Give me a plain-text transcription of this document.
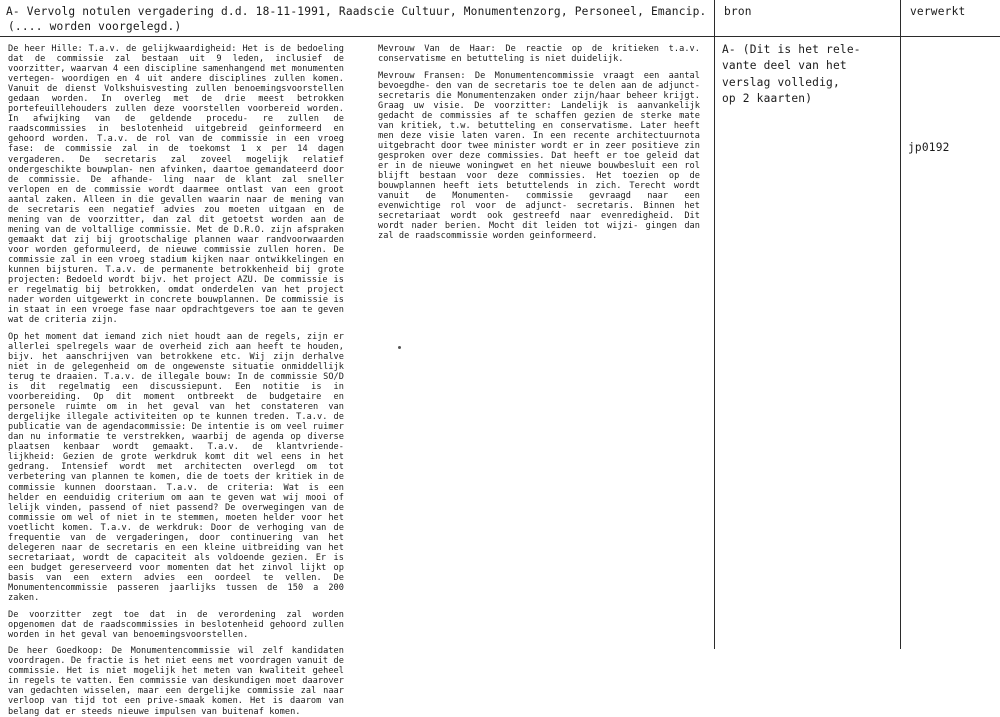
A- Vervolg notulen vergadering d.d. 18-11-1991, Raadscie Cultuur, Monumentenzorg, Personeel, Emancip.
(.... worden voorgelegd.)
bron	verwerkt

De heer Hille: T.a.v. de gelijkwaardigheid: Het is de bedoeling dat de commissie zal bestaan uit 9 leden, inclusief de voorzitter, waarvan 4 een discipline samenhangend met monumenten vertegen- woordigen en 4 uit andere disciplines zullen komen. Vanuit de dienst Volkshuisvesting zullen benoemingsvoorstellen gedaan worden. In overleg met de drie meest betrokken portefeuillehouders zullen deze voorstellen voorbereid worden. In afwijking van de geldende procedu- re zullen de raadscommissies in beslotenheid uitgebreid geinformeerd en gehoord worden. T.a.v. de rol van de commissie in een vroeg fase: de commissie zal in de toekomst 1 x per 14 dagen vergaderen. De secretaris zal zoveel mogelijk relatief ondergeschikte bouwplan- nen afvinken, daartoe gemandateerd door de commissie. De afhande- ling naar de klant zal sneller verlopen en de commissie wordt daarmee ontlast van een groot aantal zaken. Alleen in die gevallen waarin naar de mening van de secretaris een negatief advies zou moeten uitgaan en de mening van de voorzitter, dan zal dit getoetst worden aan de mening van de voltallige commissie. Met de D.R.O. zijn afspraken gemaakt dat zij bij grootschalige plannen waar randvoorwaarden voor worden geformuleerd, de nieuwe commissie zullen horen. De commissie zal in een vroeg stadium kijken naar ontwikkelingen en kunnen bijsturen. T.a.v. de permanente betrokkenheid bij grote projecten: Bedoeld wordt bijv. het project AZU. De commissie is er regelmatig bij betrokken, omdat onderdelen van het project nader worden uitgewerkt in concrete bouwplannen. De commissie is in staat in een vroege fase naar opdrachtgevers toe aan te geven wat de criteria zijn.

Op het moment dat iemand zich niet houdt aan de regels, zijn er allerlei spelregels waar de overheid zich aan heeft te houden, bijv. het aanschrijven van betrokkene etc. Wij zijn derhalve niet in de gelegenheid om de ongewenste situatie onmiddellijk terug te draaien. T.a.v. de illegale bouw: In de commissie SO/D is dit regelmatig een discussiepunt. Een notitie is in voorbereiding. Op dit moment ontbreekt de budgetaire en personele ruimte om in het geval van het constateren van dergelijke illegale activiteiten op te kunnen treden. T.a.v. de publicatie van de agendacommissie: De intentie is om veel ruimer dan nu informatie te verstrekken, waarbij de agenda op diverse plaatsen kenbaar wordt gemaakt. T.a.v. de klantvriende- lijkheid: Gezien de grote werkdruk komt dit wel eens in het gedrang. Intensief wordt met architecten overlegd om tot verbetering van plannen te komen, die de toets der kritiek in de commissie kunnen doorstaan. T.a.v. de criteria: Wat is een helder en eenduidig criterium om aan te geven wat wij mooi of lelijk vinden, passend of niet passend? De overwegingen van de commissie om wel of niet in te stemmen, moeten helder voor het voetlicht komen. T.a.v. de werkdruk: Door de verhoging van de frequentie van de vergaderingen, door continuering van het delegeren naar de secretaris en een kleine uitbreiding van het secretariaat, wordt de capaciteit als voldoende gezien. Er is een budget gereserveerd voor momenten dat het zinvol lijkt op basis van een extern advies een oordeel te vellen. De Monumentencommissie passeren jaarlijks tussen de 150 a 200 zaken.

De voorzitter zegt toe dat in de verordening zal worden opgenomen dat de raadscommissies in beslotenheid gehoord zullen worden in het geval van benoemingsvoorstellen.

De heer Goedkoop: De Monumentencommissie wil zelf kandidaten voordragen. De fractie is het niet eens met voordragen vanuit de commissie. Het is niet mogelijk het meten van kwaliteit geheel in regels te vatten. Een commissie van deskundigen moet daarover van gedachten wisselen, maar een dergelijke commissie zal naar verloop van tijd tot een prive-smaak komen. Het is daarom van belang dat er steeds nieuwe impulsen van buitenaf komen.

Mevrouw Van de Haar: De reactie op de kritieken t.a.v. conservatisme en betutteling is niet duidelijk.

Mevrouw Fransen: De Monumentencommissie vraagt een aantal bevoegdhe- den van de secretaris toe te delen aan de adjunct-secretaris die Monumentenzaken onder zijn/haar beheer krijgt. Graag uw visie. De voorzitter: Landelijk is aanvankelijk gedacht de commissies af te schaffen gezien de sterke mate van kritiek, t.w. betutteling en conservatisme. Later heeft men deze visie laten varen. In een recente architectuurnota uitgebracht door twee minister wordt er in zeer positieve zin gesproken over deze commissies. Dat heeft er toe geleid dat er in de nieuwe woningwet en het nieuwe bouwbesluit een rol blijft bestaan voor deze commissies. Het toezien op de bouwplannen heeft iets betuttelends in zich. Terecht wordt vanuit de Monumenten- commissie gevraagd naar een evenwichtige rol voor de adjunct- secretaris. Binnen het secretariaat wordt ook gestreefd naar evenredigheid. Dit wordt nader berien. Mocht dit leiden tot wijzi- gingen dan zal de raadscommissie worden geinformeerd.

A- (Dit is het rele-
vante deel van het
verslag volledig,
op 2 kaarten)
jp0192
